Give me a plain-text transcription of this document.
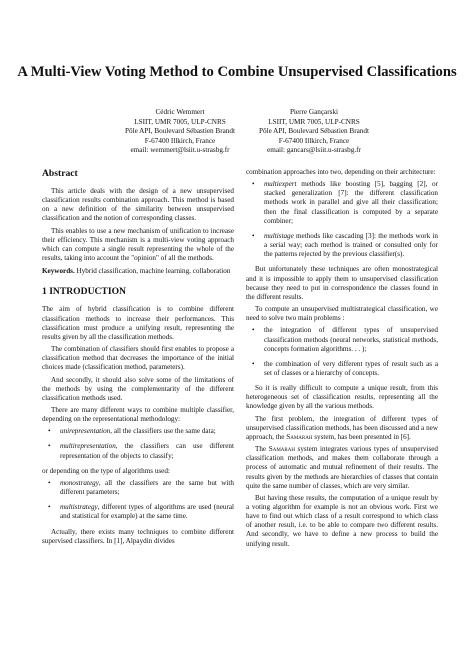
A Multi-View Voting Method to Combine Unsupervised Classifications
Cédric Wemmert
LSIIT, UMR 7005, ULP-CNRS
Pôle API, Boulevard Sébastien Brandt
F-67400 Illkirch, France
email: wemmert@lsiit.u-strasbg.fr
Pierre Gançarski
LSIIT, UMR 7005, ULP-CNRS
Pôle API, Boulevard Sébastien Brandt
F-67400 Illkirch, France
email: gancars@lsiit.u-strasbg.fr
Abstract

This article deals with the design of a new unsupervised classification results combination approach. This method is based on a new definition of the similarity between unsupervised classification and the notion of corresponding classes.

This enables to use a new mechanism of unification to increase their efficiency. This mechanism is a multi-view voting approach which can compute a single result representing the whole of the results, taking into account the "opinion" of all the methods.

Keywords. Hybrid classification, machine learning, collaboration

1 INTRODUCTION

The aim of hybrid classification is to combine different classification methods to increase their performances. This classification must produce a unifying result, representing the results given by all the classification methods.

The combination of classifiers should first enables to propose a classification method that decreases the importance of the initial choices made (classification method, parameters).

And secondly, it should also solve some of the limitations of the methods by using the complementarity of the different classification methods used.

There are many different ways to combine multiple classifier, depending on the representational methodology:

• unirepresentation, all the classifiers use the same data;
• multirepresentation, the classifiers can use different representation of the objects to classify;

or depending on the type of algorithms used:

• monostrategy, all the classifiers are the same but with different parameters;
• multistrategy, different types of algorithms are used (neural and statistical for example) at the same time.

Actually, there exists many techniques to combine different supervised classifiers. In [1], Alpaydin divides

combination approaches into two, depending on their architecture:

• multiexpert methods like boosting [5], bagging [2], or stacked generalization [7]: the different classification methods work in parallel and give all their classification; then the final classification is computed by a separate combiner;
• multistage methods like cascading [3]: the methods work in a serial way; each method is trained or consulted only for the patterns rejected by the previous classifier(s).

But unfortunately these techniques are often monostrategical and it is impossible to apply them to unsupervised classification because they need to put in correspondence the classes found in the different results.

To compute an unsupervised multistrategical classification, we need to solve two main problems :

• the integration of different types of unsupervised classification methods (neural networks, statistical methods, concepts formation algorithms. . . );
• the combination of very different types of result such as a set of classes or a hierarchy of concepts.

So it is really difficult to compute a unique result, from this heterogeneous set of classification results, representing all the knowledge given by all the various methods.

The first problem, the integration of different types of unsupervised classification methods, has been discussed and a new approach, the Samarah system, has been presented in [6].

The Samarah system integrates various types of unsupervised classification methods, and makes them collaborate through a process of automatic and mutual refinement of their results. The results given by the methods are hierarchies of classes that contain quite the same number of classes, which are very similar.

But having these results, the computation of a unique result by a voting algorithm for example is not an obvious work. First we have to find out which class of a result correspond to which class of another result, i.e. to be able to compare two different results. And secondly, we have to define a new process to build the unifying result.
